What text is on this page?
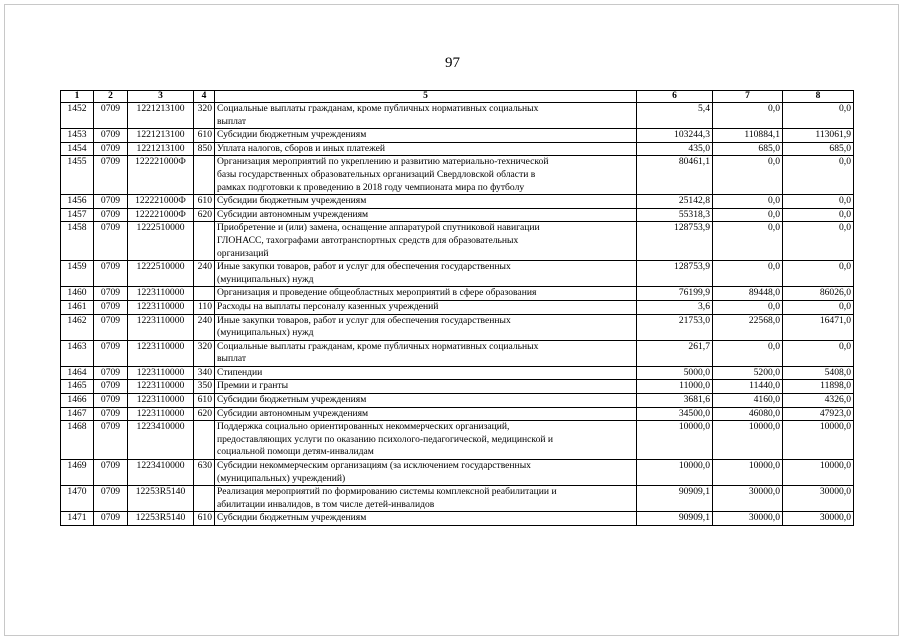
97
1	2	3	4	5	6	7	8
1452	0709	1221213100	320	Социальные выплаты гражданам, кроме публичных нормативных социальных
выплат	5,4	0,0	0,0
1453	0709	1221213100	610	Субсидии бюджетным учреждениям	103244,3	110884,1	113061,9
1454	0709	1221213100	850	Уплата налогов, сборов и иных платежей	435,0	685,0	685,0
1455	0709	122221000Ф		Организация мероприятий по укреплению и развитию материально-технической
базы государственных образовательных организаций Свердловской области в
рамках подготовки к проведению в 2018 году чемпионата мира по футболу	80461,1	0,0	0,0
1456	0709	122221000Ф	610	Субсидии бюджетным учреждениям	25142,8	0,0	0,0
1457	0709	122221000Ф	620	Субсидии автономным учреждениям	55318,3	0,0	0,0
1458	0709	1222510000		Приобретение и (или) замена, оснащение аппаратурой спутниковой навигации
ГЛОНАСС, тахографами автотранспортных средств для образовательных
организаций	128753,9	0,0	0,0
1459	0709	1222510000	240	Иные закупки товаров, работ и услуг для обеспечения государственных
(муниципальных) нужд	128753,9	0,0	0,0
1460	0709	1223110000		Организация и проведение общеобластных мероприятий в сфере образования	76199,9	89448,0	86026,0
1461	0709	1223110000	110	Расходы на выплаты персоналу казенных учреждений	3,6	0,0	0,0
1462	0709	1223110000	240	Иные закупки товаров, работ и услуг для обеспечения государственных
(муниципальных) нужд	21753,0	22568,0	16471,0
1463	0709	1223110000	320	Социальные выплаты гражданам, кроме публичных нормативных социальных
выплат	261,7	0,0	0,0
1464	0709	1223110000	340	Стипендии	5000,0	5200,0	5408,0
1465	0709	1223110000	350	Премии и гранты	11000,0	11440,0	11898,0
1466	0709	1223110000	610	Субсидии бюджетным учреждениям	3681,6	4160,0	4326,0
1467	0709	1223110000	620	Субсидии автономным учреждениям	34500,0	46080,0	47923,0
1468	0709	1223410000		Поддержка социально ориентированных некоммерческих организаций,
предоставляющих услуги по оказанию психолого-педагогической, медицинской и
социальной помощи детям-инвалидам	10000,0	10000,0	10000,0
1469	0709	1223410000	630	Субсидии некоммерческим организациям (за исключением государственных
(муниципальных) учреждений)	10000,0	10000,0	10000,0
1470	0709	12253R5140		Реализация мероприятий по формированию системы комплексной реабилитации и
абилитации инвалидов, в том числе детей-инвалидов	90909,1	30000,0	30000,0
1471	0709	12253R5140	610	Субсидии бюджетным учреждениям	90909,1	30000,0	30000,0
